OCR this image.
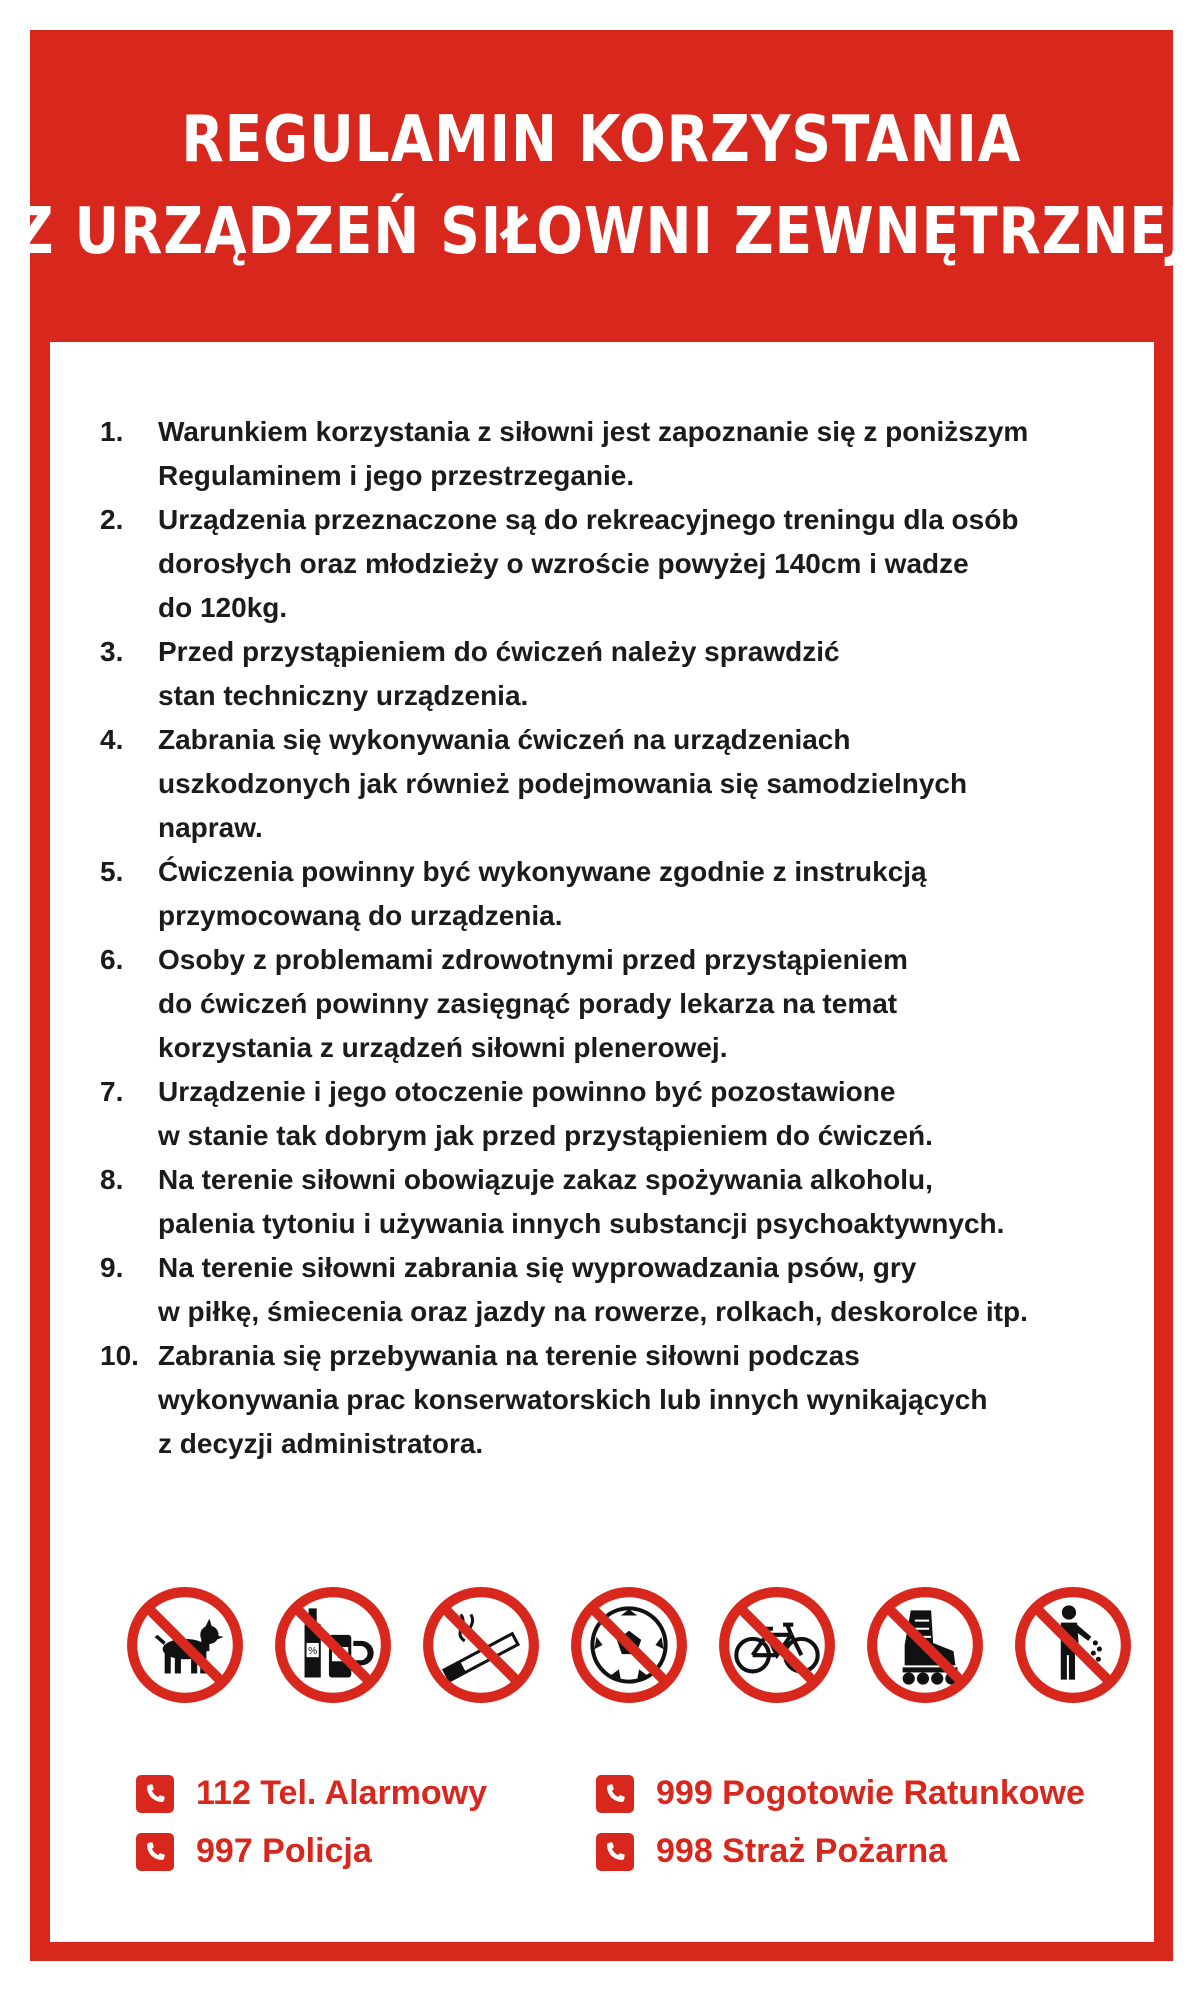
REGULAMIN KORZYSTANIA
Z URZĄDZEŃ SIŁOWNI ZEWNĘTRZNEJ
1.	Warunkiem korzystania z siłowni jest zapoznanie się z poniższym
Regulaminem i jego przestrzeganie.
2.	Urządzenia przeznaczone są do rekreacyjnego treningu dla osób
dorosłych oraz młodzieży o wzroście powyżej 140cm i wadze
do 120kg.
3.	Przed przystąpieniem do ćwiczeń należy sprawdzić
stan techniczny urządzenia.
4.	Zabrania się wykonywania ćwiczeń na urządzeniach
uszkodzonych jak również podejmowania się samodzielnych
napraw.
5.	Ćwiczenia powinny być wykonywane zgodnie z instrukcją
przymocowaną do urządzenia.
6.	Osoby z problemami zdrowotnymi przed przystąpieniem
do ćwiczeń powinny zasięgnąć porady lekarza na temat
korzystania z urządzeń siłowni plenerowej.
7.	Urządzenie i jego otoczenie powinno być pozostawione
w stanie tak dobrym jak przed przystąpieniem do ćwiczeń.
8.	Na terenie siłowni obowiązuje zakaz spożywania alkoholu,
palenia tytoniu i używania innych substancji psychoaktywnych.
9.	Na terenie siłowni zabrania się wyprowadzania psów, gry
w piłkę, śmiecenia oraz jazdy na rowerze, rolkach, deskorolce itp.
10. Zabrania się przebywania na terenie siłowni podczas
wykonywania prac konserwatorskich lub innych wynikających
z decyzji administratora.
%
112 Tel. Alarmowy	999 Pogotowie Ratunkowe
997 Policja	998 Straż Pożarna
